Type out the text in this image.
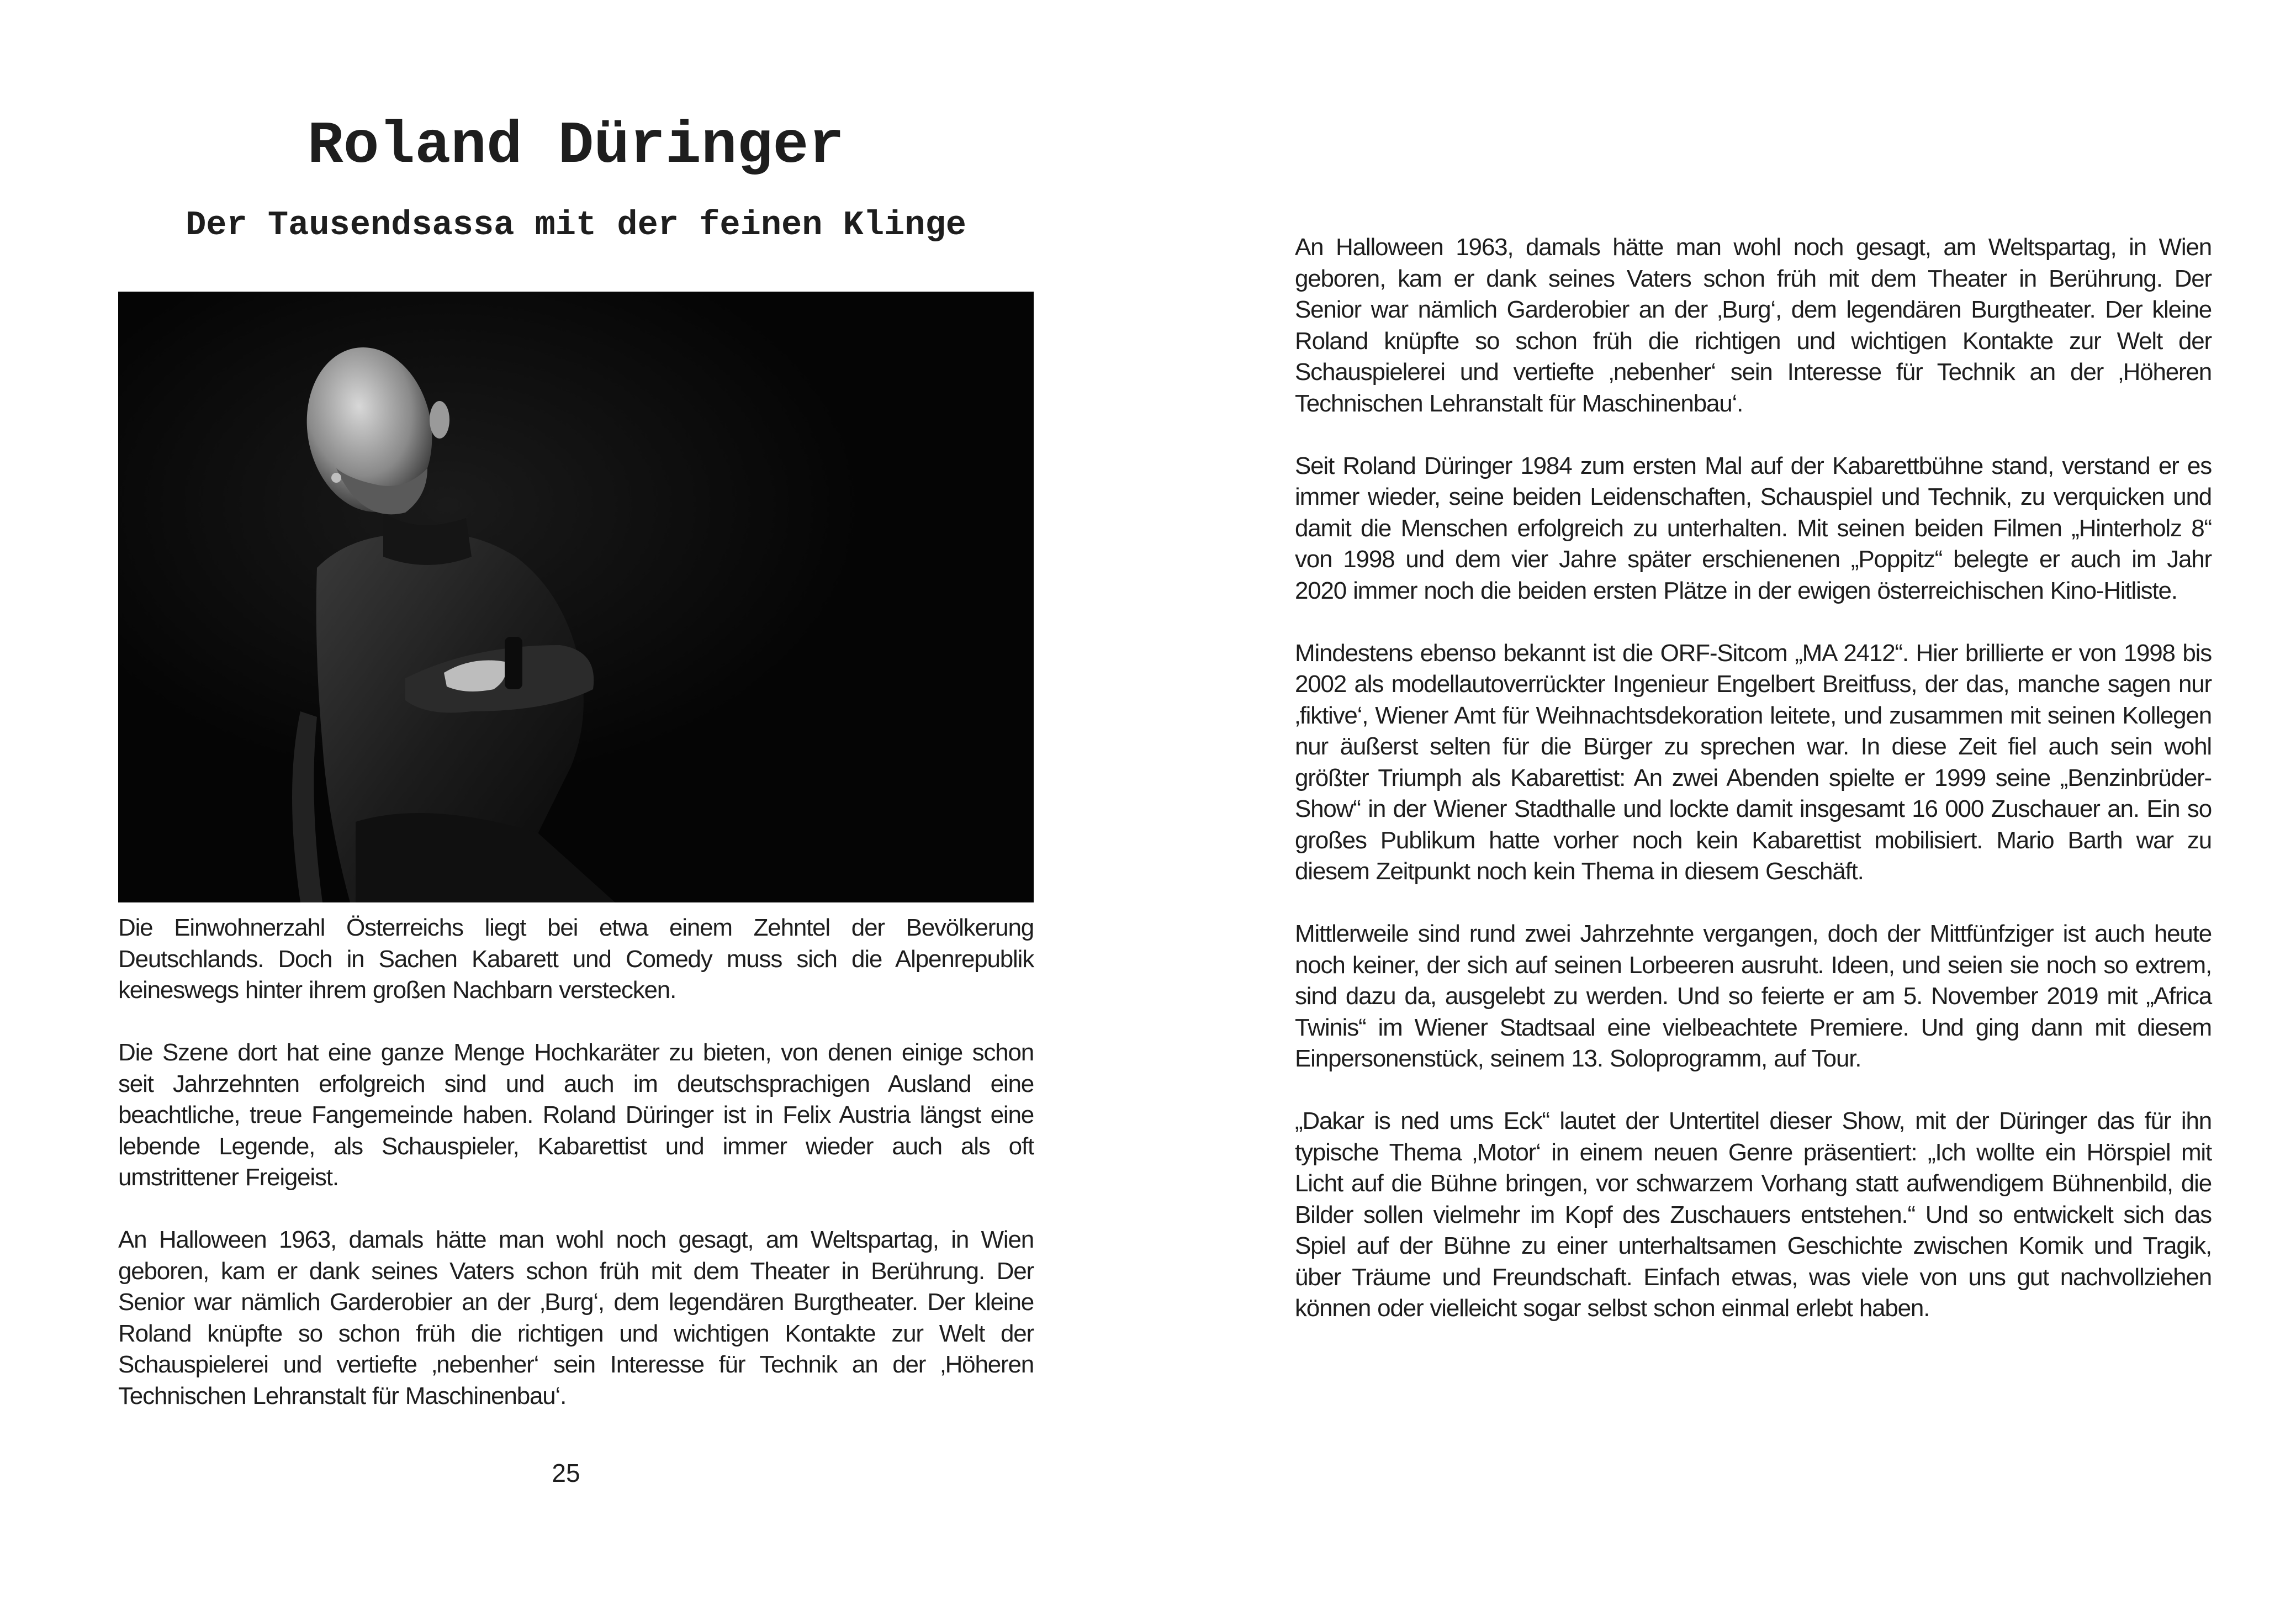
Roland Düringer
Der Tausendsassa mit der feinen Klinge

Die Einwohnerzahl Österreichs liegt bei etwa einem Zehntel der Bevölkerung Deutschlands. Doch in Sachen Kabarett und Comedy muss sich die Alpenrepublik keineswegs hinter ihrem großen Nachbarn verstecken.

Die Szene dort hat eine ganze Menge Hochkaräter zu bieten, von denen einige schon seit Jahrzehnten erfolgreich sind und auch im deutschsprachigen Ausland eine beachtliche, treue Fangemeinde haben. Roland Düringer ist in Felix Austria längst eine lebende Legende, als Schauspieler, Kabarettist und immer wieder auch als oft umstrittener Freigeist.

An Halloween 1963, damals hätte man wohl noch gesagt, am Weltspartag, in Wien geboren, kam er dank seines Vaters schon früh mit dem Theater in Berührung. Der Senior war nämlich Garderobier an der ‚Burg‘, dem legendären Burgtheater. Der kleine Roland knüpfte so schon früh die richtigen und wichtigen Kontakte zur Welt der Schauspielerei und vertiefte ‚nebenher‘ sein Interesse für Technik an der ‚Höheren Technischen Lehranstalt für Maschinenbau‘.

25

An Halloween 1963, damals hätte man wohl noch gesagt, am Weltspartag, in Wien geboren, kam er dank seines Vaters schon früh mit dem Theater in Berührung. Der Senior war nämlich Garderobier an der ‚Burg‘, dem legendären Burgtheater. Der kleine Roland knüpfte so schon früh die richtigen und wichtigen Kontakte zur Welt der Schauspielerei und vertiefte ‚nebenher‘ sein Interesse für Technik an der ‚Höheren Technischen Lehranstalt für Maschinenbau‘.

Seit Roland Düringer 1984 zum ersten Mal auf der Kabarettbühne stand, verstand er es immer wieder, seine beiden Leidenschaften, Schauspiel und Technik, zu verquicken und damit die Menschen erfolgreich zu unterhalten. Mit seinen beiden Filmen „Hinterholz 8“ von 1998 und dem vier Jahre später erschienenen „Poppitz“ belegte er auch im Jahr 2020 immer noch die beiden ersten Plätze in der ewigen österreichischen Kino-Hitliste.

Mindestens ebenso bekannt ist die ORF-Sitcom „MA 2412“. Hier brillierte er von 1998 bis 2002 als modellautoverrückter Ingenieur Engelbert Breitfuss, der das, manche sagen nur ‚fiktive‘, Wiener Amt für Weihnachtsdekoration leitete, und zusammen mit seinen Kollegen nur äußerst selten für die Bürger zu sprechen war. In diese Zeit fiel auch sein wohl größter Triumph als Kabarettist: An zwei Abenden spielte er 1999 seine „Benzinbrüder-Show“ in der Wiener Stadthalle und lockte damit insgesamt 16 000 Zuschauer an. Ein so großes Publikum hatte vorher noch kein Kabarettist mobilisiert. Mario Barth war zu diesem Zeitpunkt noch kein Thema in diesem Geschäft.

Mittlerweile sind rund zwei Jahrzehnte vergangen, doch der Mittfünfziger ist auch heute noch keiner, der sich auf seinen Lorbeeren ausruht. Ideen, und seien sie noch so extrem, sind dazu da, ausgelebt zu werden. Und so feierte er am 5. November 2019 mit „Africa Twinis“ im Wiener Stadtsaal eine vielbeachtete Premiere. Und ging dann mit diesem Einpersonenstück, seinem 13. Soloprogramm, auf Tour.

„Dakar is ned ums Eck“ lautet der Untertitel dieser Show, mit der Düringer das für ihn typische Thema ‚Motor‘ in einem neuen Genre präsentiert: „Ich wollte ein Hörspiel mit Licht auf die Bühne bringen, vor schwarzem Vorhang statt aufwendigem Bühnenbild, die Bilder sollen vielmehr im Kopf des Zuschauers entstehen.“ Und so entwickelt sich das Spiel auf der Bühne zu einer unterhaltsamen Geschichte zwischen Komik und Tragik, über Träume und Freundschaft. Einfach etwas, was viele von uns gut nachvollziehen können oder vielleicht sogar selbst schon einmal erlebt haben.
